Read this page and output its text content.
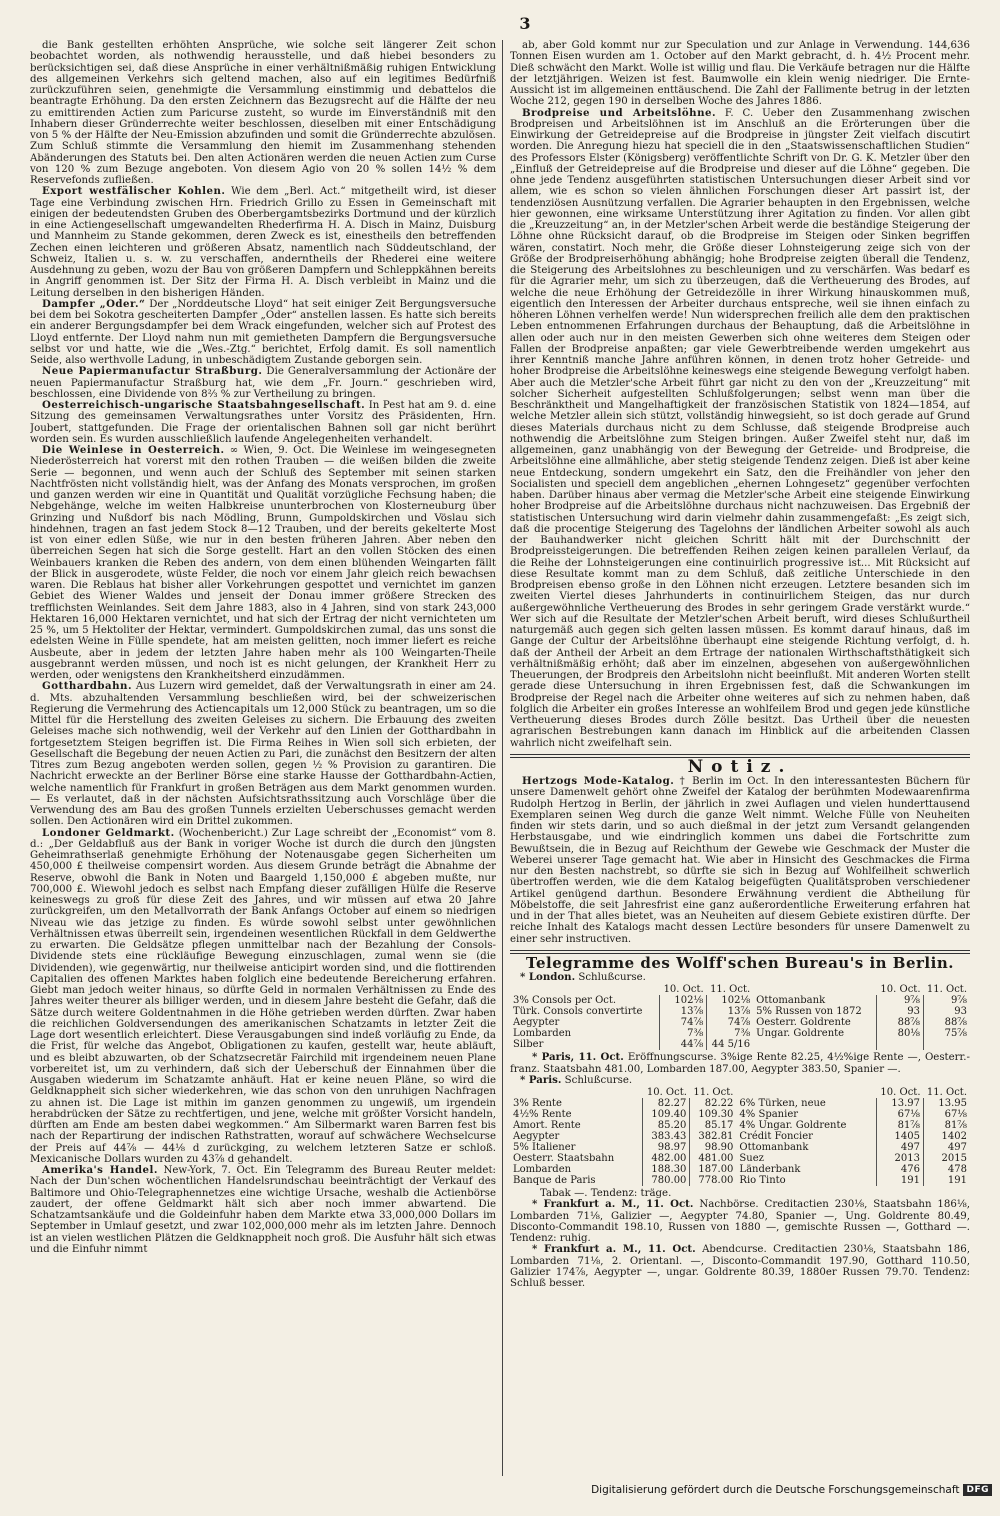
3

die Bank gestellten erhöhten Ansprüche, wie solche seit längerer Zeit schon beobachtet worden, als nothwendig herausstelle, und daß hiebei besonders zu berücksichtigen sei, daß diese Ansprüche in einer verhältnißmäßig ruhigen Entwicklung des allgemeinen Verkehrs sich geltend machen, also auf ein legitimes Bedürfniß zurückzuführen seien, genehmigte die Versammlung einstimmig und debattelos die beantragte Erhöhung. Da den ersten Zeichnern das Bezugsrecht auf die Hälfte der neu zu emittirenden Actien zum Paricurse zusteht, so wurde im Einverständniß mit den Inhabern dieser Gründerrechte weiter beschlossen, dieselben mit einer Entschädigung von 5 % der Hälfte der Neu-Emission abzufinden und somit die Gründerrechte abzulösen. Zum Schluß stimmte die Versammlung den hiemit im Zusammenhang stehenden Abänderungen des Statuts bei. Den alten Actionären werden die neuen Actien zum Curse von 120 % zum Bezuge angeboten. Von diesem Agio von 20 % sollen 14½ % dem Reservefonds zufließen.

Export westfälischer Kohlen. Wie dem „Berl. Act.“ mitgetheilt wird, ist dieser Tage eine Verbindung zwischen Hrn. Friedrich Grillo zu Essen in Gemeinschaft mit einigen der bedeutendsten Gruben des Oberbergamtsbezirks Dortmund und der kürzlich in eine Actiengesellschaft umgewandelten Rhederfirma H. A. Disch in Mainz, Duisburg und Mannheim zu Stande gekommen, deren Zweck es ist, einestheils den betreffenden Zechen einen leichteren und größeren Absatz, namentlich nach Süddeutschland, der Schweiz, Italien u. s. w. zu verschaffen, anderntheils der Rhederei eine weitere Ausdehnung zu geben, wozu der Bau von größeren Dampfern und Schleppkähnen bereits in Angriff genommen ist. Der Sitz der Firma H. A. Disch verbleibt in Mainz und die Leitung derselben in den bisherigen Händen.

Dampfer „Oder.“ Der „Norddeutsche Lloyd“ hat seit einiger Zeit Bergungsversuche bei dem bei Sokotra gescheiterten Dampfer „Oder“ anstellen lassen. Es hatte sich bereits ein anderer Bergungsdampfer bei dem Wrack eingefunden, welcher sich auf Protest des Lloyd entfernte. Der Lloyd nahm nun mit gemietheten Dampfern die Bergungsversuche selbst vor und hatte, wie die „Wes.-Ztg.“ berichtet, Erfolg damit. Es soll namentlich Seide, also werthvolle Ladung, in unbeschädigtem Zustande geborgen sein.

Neue Papiermanufactur Straßburg. Die Generalversammlung der Actionäre der neuen Papiermanufactur Straßburg hat, wie dem „Fr. Journ.“ geschrieben wird, beschlossen, eine Dividende von 8⅔ % zur Vertheilung zu bringen.

Oesterreichisch-ungarische Staatsbahngesellschaft. In Pest hat am 9. d. eine Sitzung des gemeinsamen Verwaltungsrathes unter Vorsitz des Präsidenten, Hrn. Joubert, stattgefunden. Die Frage der orientalischen Bahnen soll gar nicht berührt worden sein. Es wurden ausschließlich laufende Angelegenheiten verhandelt.

Die Weinlese in Oesterreich. ∞ Wien, 9. Oct. Die Weinlese im weingesegneten Niederösterreich hat vorerst mit den rothen Trauben — die weißen bilden die zweite Serie — begonnen, und wenn auch der Schluß des September mit seinen starken Nachtfrösten nicht vollständig hielt, was der Anfang des Monats versprochen, im großen und ganzen werden wir eine in Quantität und Qualität vorzügliche Fechsung haben; die Nebgehänge, welche im weiten Halbkreise ununterbrochen von Klosterneuburg über Grinzing und Nußdorf bis nach Mödling, Brunn, Gumpoldskirchen und Vöslau sich hindehnen, tragen an fast jedem Stock 8—12 Trauben, und der bereits gekelterte Most ist von einer edlen Süße, wie nur in den besten früheren Jahren. Aber neben den überreichen Segen hat sich die Sorge gestellt. Hart an den vollen Stöcken des einen Weinbauers kranken die Reben des andern, von dem einen blühenden Weingarten fällt der Blick in ausgerodete, wüste Felder, die noch vor einem Jahr gleich reich bewachsen waren. Die Reblaus hat bisher aller Vorkehrungen gespottet und vernichtet im ganzen Gebiet des Wiener Waldes und jenseit der Donau immer größere Strecken des trefflichsten Weinlandes. Seit dem Jahre 1883, also in 4 Jahren, sind von stark 243,000 Hektaren 16,000 Hektaren vernichtet, und hat sich der Ertrag der nicht vernichteten um 25 %, um 5 Hektoliter der Hektar, vermindert. Gumpoldskirchen zumal, das uns sonst die edelsten Weine in Fülle spendete, hat am meisten gelitten, noch immer liefert es reiche Ausbeute, aber in jedem der letzten Jahre haben mehr als 100 Weingarten-Theile ausgebrannt werden müssen, und noch ist es nicht gelungen, der Krankheit Herr zu werden, oder wenigstens den Krankheitsherd einzudämmen.

Gotthardbahn. Aus Luzern wird gemeldet, daß der Verwaltungsrath in einer am 24. d. Mts. abzuhaltenden Versammlung beschließen wird, bei der schweizerischen Regierung die Vermehrung des Actiencapitals um 12,000 Stück zu beantragen, um so die Mittel für die Herstellung des zweiten Geleises zu sichern. Die Erbauung des zweiten Geleises mache sich nothwendig, weil der Verkehr auf den Linien der Gotthardbahn in fortgesetztem Steigen begriffen ist. Die Firma Reihes in Wien soll sich erbieten, der Gesellschaft die Begebung der neuen Actien zu Pari, die zunächst den Besitzern der alten Titres zum Bezug angeboten werden sollen, gegen ½ % Provision zu garantiren. Die Nachricht erweckte an der Berliner Börse eine starke Hausse der Gotthardbahn-Actien, welche namentlich für Frankfurt in großen Beträgen aus dem Markt genommen wurden. — Es verlautet, daß in der nächsten Aufsichtsrathssitzung auch Vorschläge über die Verwendung des am Bau des großen Tunnels erzielten Ueberschusses gemacht werden sollen. Den Actionären wird ein Drittel zukommen.

Londoner Geldmarkt. (Wochenbericht.) Zur Lage schreibt der „Economist“ vom 8. d.: „Der Geldabfluß aus der Bank in voriger Woche ist durch die durch den jüngsten Geheimrathserlaß genehmigte Erhöhung der Notenausgabe gegen Sicherheiten um 450,000 £ theilweise compensirt worden. Aus diesem Grunde beträgt die Abnahme der Reserve, obwohl die Bank in Noten und Baargeld 1,150,000 £ abgeben mußte, nur 700,000 £. Wiewohl jedoch es selbst nach Empfang dieser zufälligen Hülfe die Reserve keineswegs zu groß für diese Zeit des Jahres, und wir müssen auf etwa 20 Jahre zurückgreifen, um den Metallvorrath der Bank Anfangs October auf einem so niedrigen Niveau wie das jetzige zu finden. Es würde sowohl selbst unter gewöhnlichen Verhältnissen etwas überreilt sein, irgendeinen wesentlichen Rückfall in dem Geldwerthe zu erwarten. Die Geldsätze pflegen unmittelbar nach der Bezahlung der Consols-Dividende stets eine rückläufige Bewegung einzuschlagen, zumal wenn sie (die Dividenden), wie gegenwärtig, nur theilweise anticipirt worden sind, und die flottirenden Capitalien des offenen Marktes haben folglich eine bedeutende Bereicherung erfahren. Giebt man jedoch weiter hinaus, so dürfte Geld in normalen Verhältnissen zu Ende des Jahres weiter theurer als billiger werden, und in diesem Jahre besteht die Gefahr, daß die Sätze durch weitere Goldentnahmen in die Höhe getrieben werden dürften. Zwar haben die reichlichen Goldversendungen des amerikanischen Schatzamts in letzter Zeit die Lage dort wesentlich erleichtert. Diese Verausgabungen sind indeß vorläufig zu Ende, da die Frist, für welche das Angebot, Obligationen zu kaufen, gestellt war, heute abläuft, und es bleibt abzuwarten, ob der Schatzsecretär Fairchild mit irgendeinem neuen Plane vorbereitet ist, um zu verhindern, daß sich der Ueberschuß der Einnahmen über die Ausgaben wiederum im Schatzamte anhäuft. Hat er keine neuen Pläne, so wird die Geldknappheit sich sicher wiederkehren, wie das schon von den unruhigen Nachfragen zu ahnen ist. Die Lage ist mithin im ganzen genommen zu ungewiß, um irgendein herabdrücken der Sätze zu rechtfertigen, und jene, welche mit größter Vorsicht handeln, dürften am Ende am besten dabei wegkommen.“ Am Silbermarkt waren Barren fest bis nach der Repartirung der indischen Rathstratten, worauf auf schwächere Wechselcurse der Preis auf 44⅞ — 44⅛ d zurückging, zu welchem letzteren Satze er schloß. Mexicanische Dollars wurden zu 43⅞ d gehandelt.

Amerika's Handel. New-York, 7. Oct. Ein Telegramm des Bureau Reuter meldet: Nach der Dun'schen wöchentlichen Handelsrundschau beeinträchtigt der Verkauf des Baltimore und Ohio-Telegraphennetzes eine wichtige Ursache, weshalb die Actienbörse zaudert, der offene Geldmarkt hält sich aber noch immer abwartend. Die Schatzamtsankäufe und die Goldeinfuhr haben dem Markte etwa 33,000,000 Dollars im September in Umlauf gesetzt, und zwar 102,000,000 mehr als im letzten Jahre. Dennoch ist an vielen westlichen Plätzen die Geldknappheit noch groß. Die Ausfuhr hält sich etwas und die Einfuhr nimmt

ab, aber Gold kommt nur zur Speculation und zur Anlage in Verwendung. 144,636 Tonnen Eisen wurden am 1. October auf den Markt gebracht, d. h. 4½ Procent mehr. Dieß schwächt den Markt. Wolle ist willig und flau. Die Verkäufe betragen nur die Hälfte der letztjährigen. Weizen ist fest. Baumwolle ein klein wenig niedriger. Die Ernte-Aussicht ist im allgemeinen enttäuschend. Die Zahl der Fallimente betrug in der letzten Woche 212, gegen 190 in derselben Woche des Jahres 1886.

Brodpreise und Arbeitslöhne. F. C. Ueber den Zusammenhang zwischen Brodpreisen und Arbeitslöhnen ist im Anschluß an die Erörterungen über die Einwirkung der Getreidepreise auf die Brodpreise in jüngster Zeit vielfach discutirt worden. Die Anregung hiezu hat speciell die in den „Staatswissenschaftlichen Studien“ des Professors Elster (Königsberg) veröffentlichte Schrift von Dr. G. K. Metzler über den „Einfluß der Getreidepreise auf die Brodpreise und dieser auf die Löhne“ gegeben. Die ohne jede Tendenz ausgeführten statistischen Untersuchungen dieser Arbeit sind vor allem, wie es schon so vielen ähnlichen Forschungen dieser Art passirt ist, der tendenziösen Ausnützung verfallen. Die Agrarier behaupten in den Ergebnissen, welche hier gewonnen, eine wirksame Unterstützung ihrer Agitation zu finden. Vor allen gibt die „Kreuzzeitung“ an, in der Metzler'schen Arbeit werde die beständige Steigerung der Löhne ohne Rücksicht darauf, ob die Brodpreise im Steigen oder Sinken begriffen wären, constatirt. Noch mehr, die Größe dieser Lohnsteigerung zeige sich von der Größe der Brodpreiserhöhung abhängig; hohe Brodpreise zeigten überall die Tendenz, die Steigerung des Arbeitslohnes zu beschleunigen und zu verschärfen. Was bedarf es für die Agrarier mehr, um sich zu überzeugen, daß die Vertheuerung des Brodes, auf welche die neue Erhöhung der Getreidezölle in ihrer Wirkung hinauskommen muß, eigentlich den Interessen der Arbeiter durchaus entspreche, weil sie ihnen einfach zu höheren Löhnen verhelfen werde! Nun widersprechen freilich alle dem den praktischen Leben entnommenen Erfahrungen durchaus der Behauptung, daß die Arbeitslöhne in allen oder auch nur in den meisten Gewerben sich ohne weiteres dem Steigen oder Fallen der Brodpreise anpaßten; gar viele Gewerbtreibende werden umgekehrt aus ihrer Kenntniß manche Jahre anführen können, in denen trotz hoher Getreide- und hoher Brodpreise die Arbeitslöhne keineswegs eine steigende Bewegung verfolgt haben. Aber auch die Metzler'sche Arbeit führt gar nicht zu den von der „Kreuzzeitung“ mit solcher Sicherheit aufgestellten Schlußfolgerungen; selbst wenn man über die Beschränktheit und Mangelhaftigkeit der französischen Statistik von 1824—1854, auf welche Metzler allein sich stützt, vollständig hinwegsieht, so ist doch gerade auf Grund dieses Materials durchaus nicht zu dem Schlusse, daß steigende Brodpreise auch nothwendig die Arbeitslöhne zum Steigen bringen. Außer Zweifel steht nur, daß im allgemeinen, ganz unabhängig von der Bewegung der Getreide- und Brodpreise, die Arbeitslöhne eine allmähliche, aber stetig steigende Tendenz zeigen. Dieß ist aber keine neue Entdeckung, sondern umgekehrt ein Satz, den die Freihändler von jeher den Socialisten und speciell dem angeblichen „ehernen Lohngesetz“ gegenüber verfochten haben. Darüber hinaus aber vermag die Metzler'sche Arbeit eine steigende Einwirkung hoher Brodpreise auf die Arbeitslöhne durchaus nicht nachzuweisen. Das Ergebniß der statistischen Untersuchung wird darin vielmehr dahin zusammengefaßt: „Es zeigt sich, daß die procentige Steigerung des Tagelohns der ländlichen Arbeiter sowohl als auch der Bauhandwerker nicht gleichen Schritt hält mit der Durchschnitt der Brodpreissteigerungen. Die betreffenden Reihen zeigen keinen parallelen Verlauf, da die Reihe der Lohnsteigerungen eine continuirlich progressive ist... Mit Rücksicht auf diese Resultate kommt man zu dem Schluß, daß zeitliche Unterschiede in den Brodpreisen ebenso große in den Löhnen nicht erzeugen. Letztere besanden sich im zweiten Viertel dieses Jahrhunderts in continuirlichem Steigen, das nur durch außergewöhnliche Vertheuerung des Brodes in sehr geringem Grade verstärkt wurde.“ Wer sich auf die Resultate der Metzler'schen Arbeit beruft, wird dieses Schlußurtheil naturgemäß auch gegen sich gelten lassen müssen. Es kommt darauf hinaus, daß im Gange der Cultur der Arbeitslöhne überhaupt eine steigende Richtung verfolgt, d. h. daß der Antheil der Arbeit an dem Ertrage der nationalen Wirthschaftsthätigkeit sich verhältnißmäßig erhöht; daß aber im einzelnen, abgesehen von außergewöhnlichen Theuerungen, der Brodpreis den Arbeitslohn nicht beeinflußt. Mit anderen Worten stellt gerade diese Untersuchung in ihren Ergebnissen fest, daß die Schwankungen im Brodpreise der Regel nach die Arbeiter ohne weiteres auf sich zu nehmen haben, daß folglich die Arbeiter ein großes Interesse an wohlfeilem Brod und gegen jede künstliche Vertheuerung dieses Brodes durch Zölle besitzt. Das Urtheil über die neuesten agrarischen Bestrebungen kann danach im Hinblick auf die arbeitenden Classen wahrlich nicht zweifelhaft sein.

Notiz.

Hertzogs Mode-Katalog. † Berlin im Oct. In den interessantesten Büchern für unsere Damenwelt gehört ohne Zweifel der Katalog der berühmten Modewaarenfirma Rudolph Hertzog in Berlin, der jährlich in zwei Auflagen und vielen hunderttausend Exemplaren seinen Weg durch die ganze Welt nimmt. Welche Fülle von Neuheiten finden wir stets darin, und so auch dießmal in der jetzt zum Versandt gelangenden Herbstausgabe, und wie eindringlich kommen uns dabei die Fortschritte zum Bewußtsein, die in Bezug auf Reichthum der Gewebe wie Geschmack der Muster die Weberei unserer Tage gemacht hat. Wie aber in Hinsicht des Geschmackes die Firma nur den Besten nachstrebt, so dürfte sie sich in Bezug auf Wohlfeilheit schwerlich übertroffen werden, wie die dem Katalog beigefügten Qualitätsproben verschiedener Artikel genügend darthun. Besondere Erwähnung verdient die Abtheilung für Möbelstoffe, die seit Jahresfrist eine ganz außerordentliche Erweiterung erfahren hat und in der That alles bietet, was an Neuheiten auf diesem Gebiete existiren dürfte. Der reiche Inhalt des Katalogs macht dessen Lectüre besonders für unsere Damenwelt zu einer sehr instructiven.

Telegramme des Wolff'schen Bureau's in Berlin.
* London. Schlußcurse.
	10. Oct.	11. Oct.		10. Oct.	11. Oct.
3% Consols per Oct.	102⅛	102⅛	Ottomanbank	9⅞	9⅞
Türk. Consols convertirte	13⅞	13⅞	5% Russen von 1872	93	93
Aegypter	74⅞	74⅞	Oesterr. Goldrente	88⅞	88⅞
Lombarden	7⅜	7⅜	Ungar. Goldrente	80⅛	75⅞
Silber	44⅞	44 5/16			

* Paris, 11. Oct. Eröffnungscurse. 3%ige Rente 82.25, 4½%ige Rente —, Oesterr.-franz. Staatsbahn 481.00, Lombarden 187.00, Aegypter 383.50, Spanier —.

* Paris. Schlußcurse.
	10. Oct.	11. Oct.		10. Oct.	11. Oct.
3% Rente	82.27	82.22	6% Türken, neue	13.97	13.95
4½% Rente	109.40	109.30	4% Spanier	67⅛	67⅛
Amort. Rente	85.20	85.17	4% Ungar. Goldrente	81⅞	81⅞
Aegypter	383.43	382.81	Crédit Foncier	1405	1402
5% Italiener	98.97	98.90	Ottomanbank	497	497
Oesterr. Staatsbahn	482.00	481.00	Suez	2013	2015
Lombarden	188.30	187.00	Länderbank	476	478
Banque de Paris	780.00	778.00	Rio Tinto	191	191
Tabak —. Tendenz: träge.

* Frankfurt a. M., 11. Oct. Nachbörse. Creditactien 230⅛, Staatsbahn 186⅛, Lombarden 71⅛, Galizier —, Aegypter 74.80, Spanier —, Ung. Goldrente 80.49, Disconto-Commandit 198.10, Russen von 1880 —, gemischte Russen —, Gotthard —. Tendenz: ruhig.

* Frankfurt a. M., 11. Oct. Abendcurse. Creditactien 230⅛, Staatsbahn 186, Lombarden 71⅛, 2. Orientanl. —, Disconto-Commandit 197.90, Gotthard 110.50, Galizier 174⅞, Aegypter —, ungar. Goldrente 80.39, 1880er Russen 79.70. Tendenz: Schluß besser.

Digitalisierung gefördert durch die Deutsche Forschungsgemeinschaft DFG
